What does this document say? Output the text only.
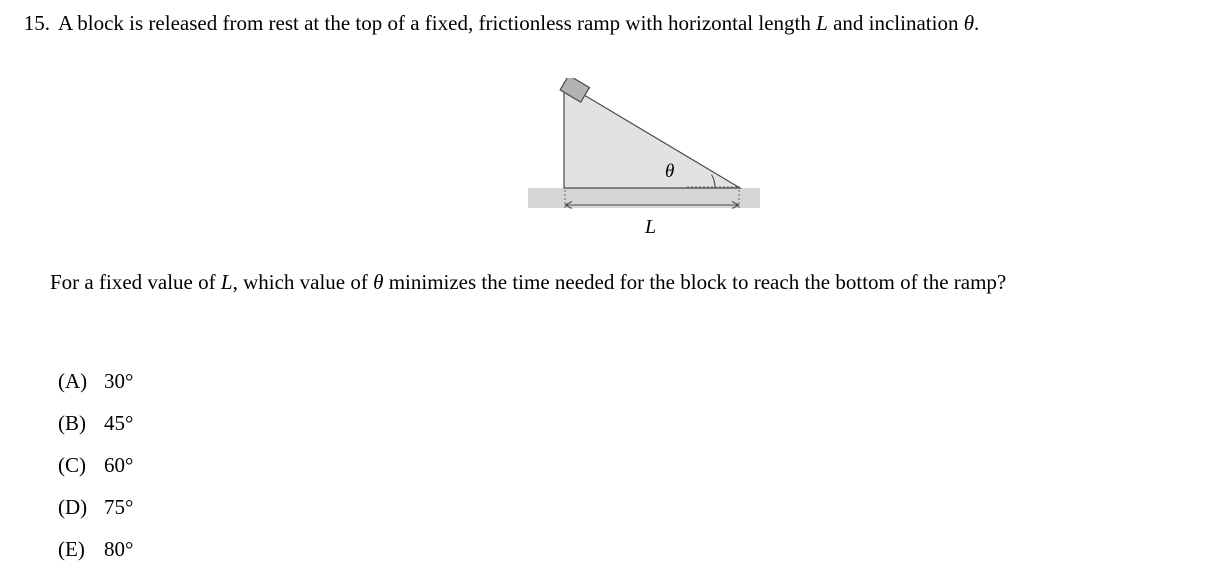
15. A block is released from rest at the top of a fixed, frictionless ramp with horizontal length L and inclination θ.
θ
L
For a fixed value of L, which value of θ minimizes the time needed for the block to reach the bottom of the ramp?
(A) 30°
(B) 45°
(C) 60°
(D) 75°
(E) 80°
